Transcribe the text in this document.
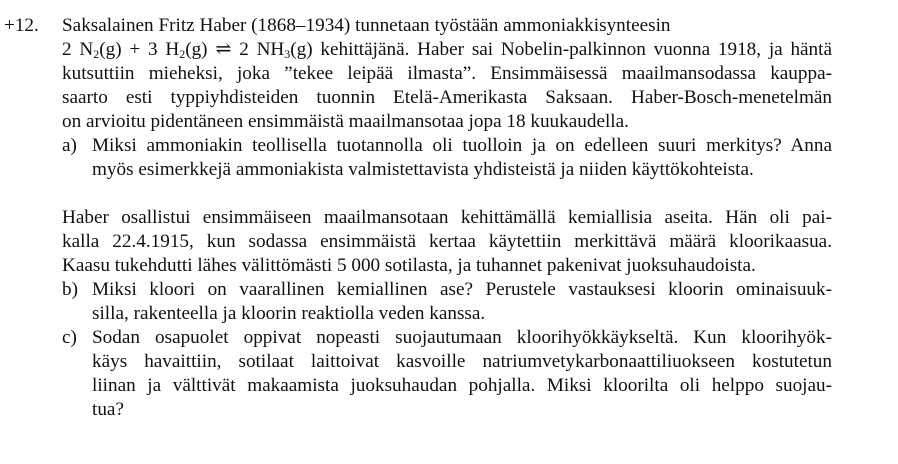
+12. Saksalainen Fritz Haber (1868–1934) tunnetaan työstään ammoniakkisynteesin
2 $N_2(g) + 3$ $H_2(g)$ ⇌ 2 $NH_3(g)$ kehittäjänä. Haber sai Nobelin-palkinnon vuonna 1918, ja häntä
kutsuttiin mieheksi, joka ”tekee leipää ilmasta”. Ensimmäisessä maailmansodassa kauppa-
saarto esti typpiyhdisteiden tuonnin Etelä-Amerikasta Saksaan. Haber-Bosch-menetelmän
on arvioitu pidentäneen ensimmäistä maailmansotaa jopa 18 kuukaudella.
a) Miksi ammoniakin teollisella tuotannolla oli tuolloin ja on edelleen suuri merkitys? Anna
myös esimerkkejä ammoniakista valmistettavista yhdisteistä ja niiden käyttökohteista.
Haber osallistui ensimmäiseen maailmansotaan kehittämällä kemiallisia aseita. Hän oli pai-
kalla 22.4.1915, kun sodassa ensimmäistä kertaa käytettiin merkittävä määrä kloorikaasua.
Kaasu tukehdutti lähes välittömästi 5 000 sotilasta, ja tuhannet pakenivat juoksuhaudoista.
b) Miksi kloori on vaarallinen kemiallinen ase? Perustele vastauksesi kloorin ominaisuuk-
silla, rakenteella ja kloorin reaktiolla veden kanssa.
c) Sodan osapuolet oppivat nopeasti suojautumaan kloorihyökkäykseltä. Kun kloorihyök-
käys havaittiin, sotilaat laittoivat kasvoille natriumvetykarbonaattiliuokseen kostutetun
liinan ja välttivät makaamista juoksuhaudan pohjalla. Miksi kloorilta oli helppo suojau-
tua?
